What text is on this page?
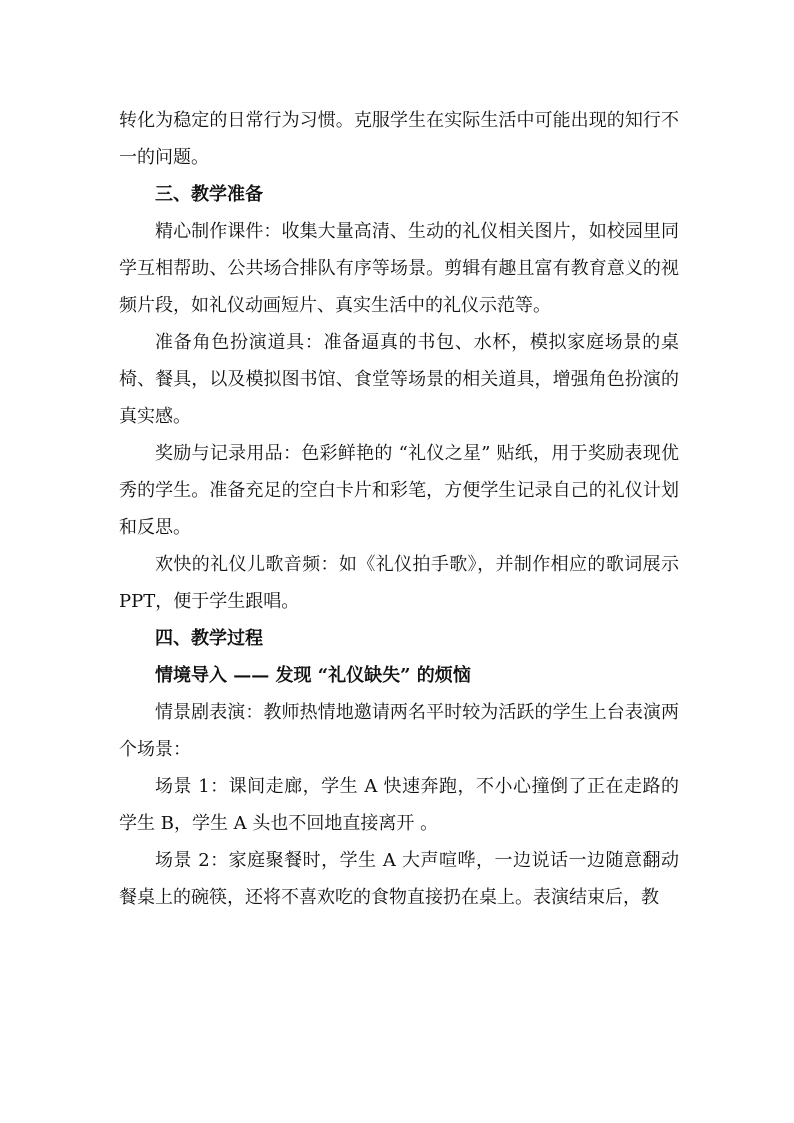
转化为稳定的日常行为习惯。克服学生在实际生活中可能出现的知行不一的问题。

三、教学准备

精心制作课件：收集大量高清、生动的礼仪相关图片，如校园里同学互相帮助、公共场合排队有序等场景。剪辑有趣且富有教育意义的视频片段，如礼仪动画短片、真实生活中的礼仪示范等。

准备角色扮演道具：准备逼真的书包、水杯，模拟家庭场景的桌椅、餐具，以及模拟图书馆、食堂等场景的相关道具，增强角色扮演的真实感。

奖励与记录用品：色彩鲜艳的 “礼仪之星” 贴纸，用于奖励表现优秀的学生。准备充足的空白卡片和彩笔，方便学生记录自己的礼仪计划和反思。

欢快的礼仪儿歌音频：如《礼仪拍手歌》，并制作相应的歌词展示 PPT，便于学生跟唱。

四、教学过程

情境导入 —— 发现 “礼仪缺失” 的烦恼

情景剧表演：教师热情地邀请两名平时较为活跃的学生上台表演两个场景：

场景 1：课间走廊，学生 A 快速奔跑，不小心撞倒了正在走路的学生 B，学生 A 头也不回地直接离开 。

场景 2：家庭聚餐时，学生 A 大声喧哗，一边说话一边随意翻动餐桌上的碗筷，还将不喜欢吃的食物直接扔在桌上。表演结束后，教
